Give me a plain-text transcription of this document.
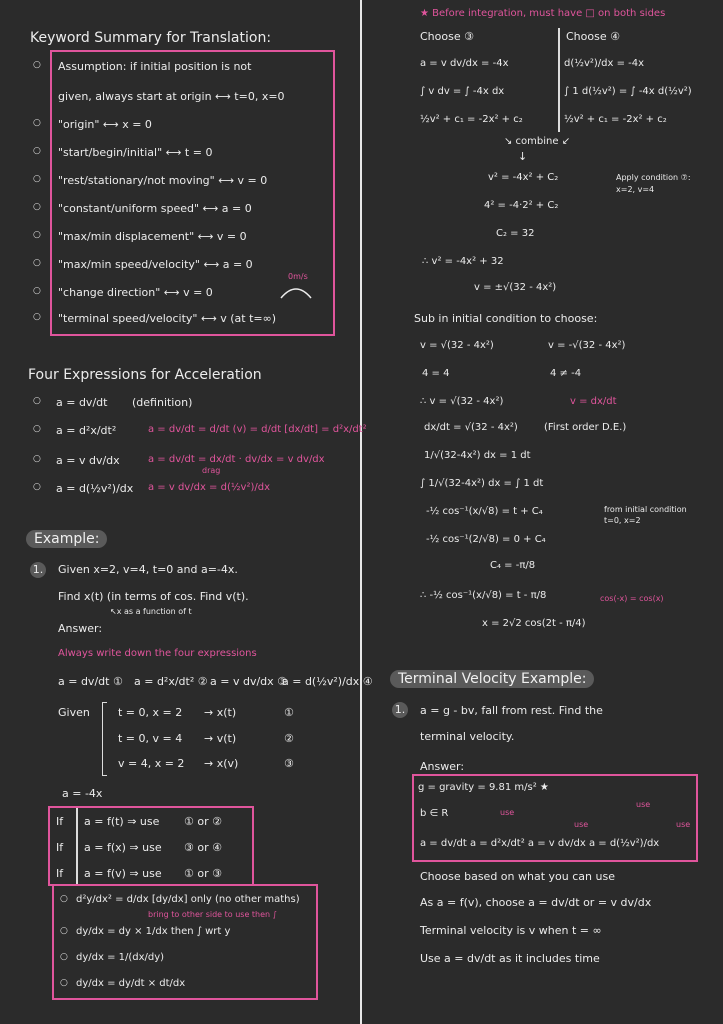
Keyword Summary for Translation:
○ Assumption: if initial position is not
given, always start at origin ⟷ t=0, x=0
○ "origin" ⟷ x = 0
○ "start/begin/initial" ⟷ t = 0
○ "rest/stationary/not moving" ⟷ v = 0
○ "constant/uniform speed" ⟷ a = 0
○ "max/min displacement" ⟷ v = 0
○ "max/min speed/velocity" ⟷ a = 0
○ "change direction" ⟷ v = 0
0m/s
○ "terminal speed/velocity" ⟷ v (at t=∞)
Four Expressions for Acceleration
○ a = dv/dt (definition)
○ a = d²x/dt²	a = dv/dt = d/dt (v) = d/dt [dx/dt] = d²x/dt²
○ a = v dv/dx	a = dv/dt = dx/dt · dv/dx = v dv/dx
drag
○ a = d(½v²)/dx a = v dv/dx = d(½v²)/dx
Example:
1. Given x=2, v=4, t=0 and a=-4x.
Find x(t) (in terms of cos. Find v(t).
↖x as a function of t
Answer:
Always write down the four expressions
a = dv/dt ① a = d²x/dt² ② a = v dv/dx ③
a = d(½v²)/dx ④
Given	t = 0, x = 2 → x(t)	①
t = 0, v = 4 → v(t)	②
v = 4, x = 2 → x(v)	③
a = -4x
If a = f(t) ⇒ use ① or ②
If a = f(x) ⇒ use ③ or ④
If a = f(v) ⇒ use ① or ③
○ d²y/dx² = d/dx [dy/dx] only (no other maths)
bring to other side to use then ∫
○ dy/dx = dy × 1/dx then ∫ wrt y
○ dy/dx = 1/(dx/dy)
○ dy/dx = dy/dt × dt/dx
★ Before integration, must have □ on both sides
Choose ③	Choose ④
a = v dv/dx = -4x
∫ v dv = ∫ -4x dx
½v² + c₁ = -2x² + c₂
d(½v²)/dx = -4x
∫ 1 d(½v²) = ∫ -4x d(½v²)
½v² + c₁ = -2x² + c₂
↘ combine ↙
↓
v² = -4x² + C₂
4² = -4·2² + C₂
C₂ = 32
Apply condition ⑦: x=2, v=4
∴ v² = -4x² + 32
v = ±√(32 - 4x²)
Sub in initial condition to choose:
v = √(32 - 4x²)	v = -√(32 - 4x²)
4 = 4	4 ≠ -4
∴ v = √(32 - 4x²)	v = dx/dt
dx/dt = √(32 - 4x²)	(First order D.E.)
1/√(32-4x²) dx = 1 dt
∫ 1/√(32-4x²) dx = ∫ 1 dt
-½ cos⁻¹(x/√8) = t + C₄	from initial condition t=0, x=2
-½ cos⁻¹(2/√8) = 0 + C₄
C₄ = -π/8
∴ -½ cos⁻¹(x/√8) = t - π/8	cos(-x) = cos(x)
x = 2√2 cos(2t - π/4)
Terminal Velocity Example:
1. a = g - bv, fall from rest. Find the
terminal velocity.
Answer:
g = gravity = 9.81 m/s² ★
b ∈ R	use
use
use
use
a = dv/dt a = d²x/dt² a = v dv/dx a = d(½v²)/dx
Choose based on what you can use
As a = f(v), choose a = dv/dt or = v dv/dx
Terminal velocity is v when t = ∞
Use a = dv/dt as it includes time
